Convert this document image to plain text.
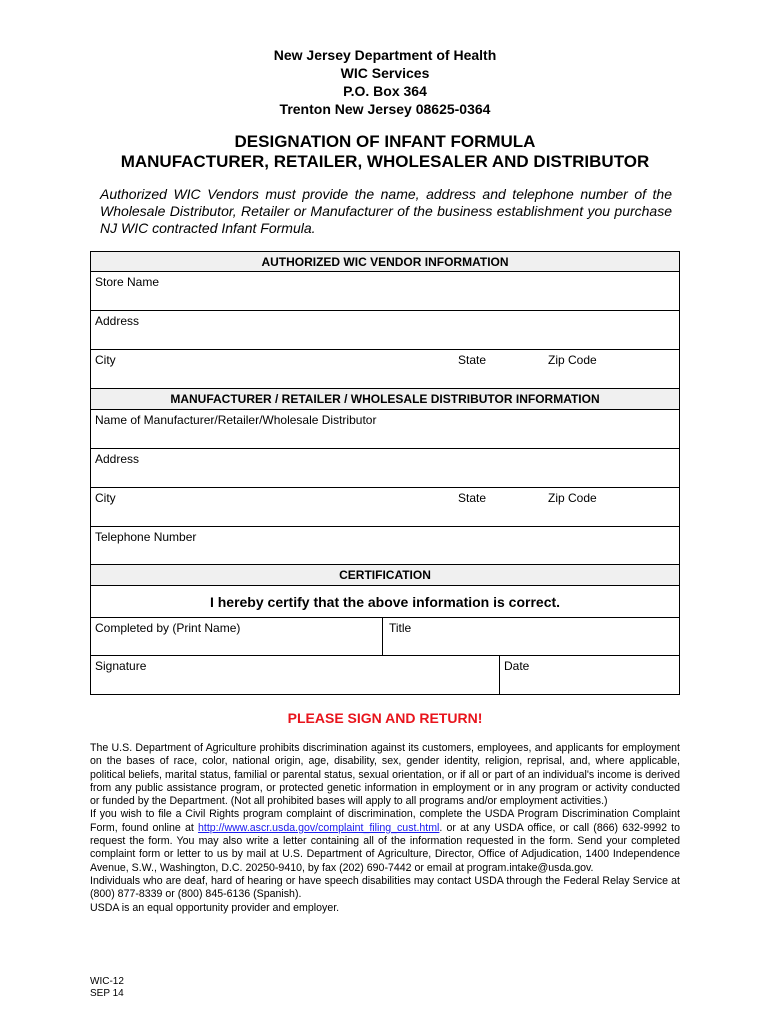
New Jersey Department of Health
WIC Services
P.O. Box 364
Trenton New Jersey 08625-0364
DESIGNATION OF INFANT FORMULA
MANUFACTURER, RETAILER, WHOLESALER AND DISTRIBUTOR
Authorized WIC Vendors must provide the name, address and telephone number of the Wholesale Distributor, Retailer or Manufacturer of the business establishment you purchase NJ WIC contracted Infant Formula.
AUTHORIZED WIC VENDOR INFORMATION
Store Name
Address
City	State	Zip Code
MANUFACTURER / RETAILER / WHOLESALE DISTRIBUTOR INFORMATION
Name of Manufacturer/Retailer/Wholesale Distributor
Address
City	State	Zip Code
Telephone Number
CERTIFICATION
I hereby certify that the above information is correct.
Completed by (Print Name)	Title
Signature	Date
PLEASE SIGN AND RETURN!

The U.S. Department of Agriculture prohibits discrimination against its customers, employees, and applicants for employment on the bases of race, color, national origin, age, disability, sex, gender identity, religion, reprisal, and, where applicable, political beliefs, marital status, familial or parental status, sexual orientation, or if all or part of an individual's income is derived from any public assistance program, or protected genetic information in employment or in any program or activity conducted or funded by the Department. (Not all prohibited bases will apply to all programs and/or employment activities.)

If you wish to file a Civil Rights program complaint of discrimination, complete the USDA Program Discrimination Complaint Form, found online at http://www.ascr.usda.gov/complaint_filing_cust.html. or at any USDA office, or call (866) 632-9992 to request the form. You may also write a letter containing all of the information requested in the form. Send your completed complaint form or letter to us by mail at U.S. Department of Agriculture, Director, Office of Adjudication, 1400 Independence Avenue, S.W., Washington, D.C. 20250-9410, by fax (202) 690-7442 or email at program.intake@usda.gov.

Individuals who are deaf, hard of hearing or have speech disabilities may contact USDA through the Federal Relay Service at (800) 877-8339 or (800) 845-6136 (Spanish).

USDA is an equal opportunity provider and employer.

WIC-12
SEP 14
